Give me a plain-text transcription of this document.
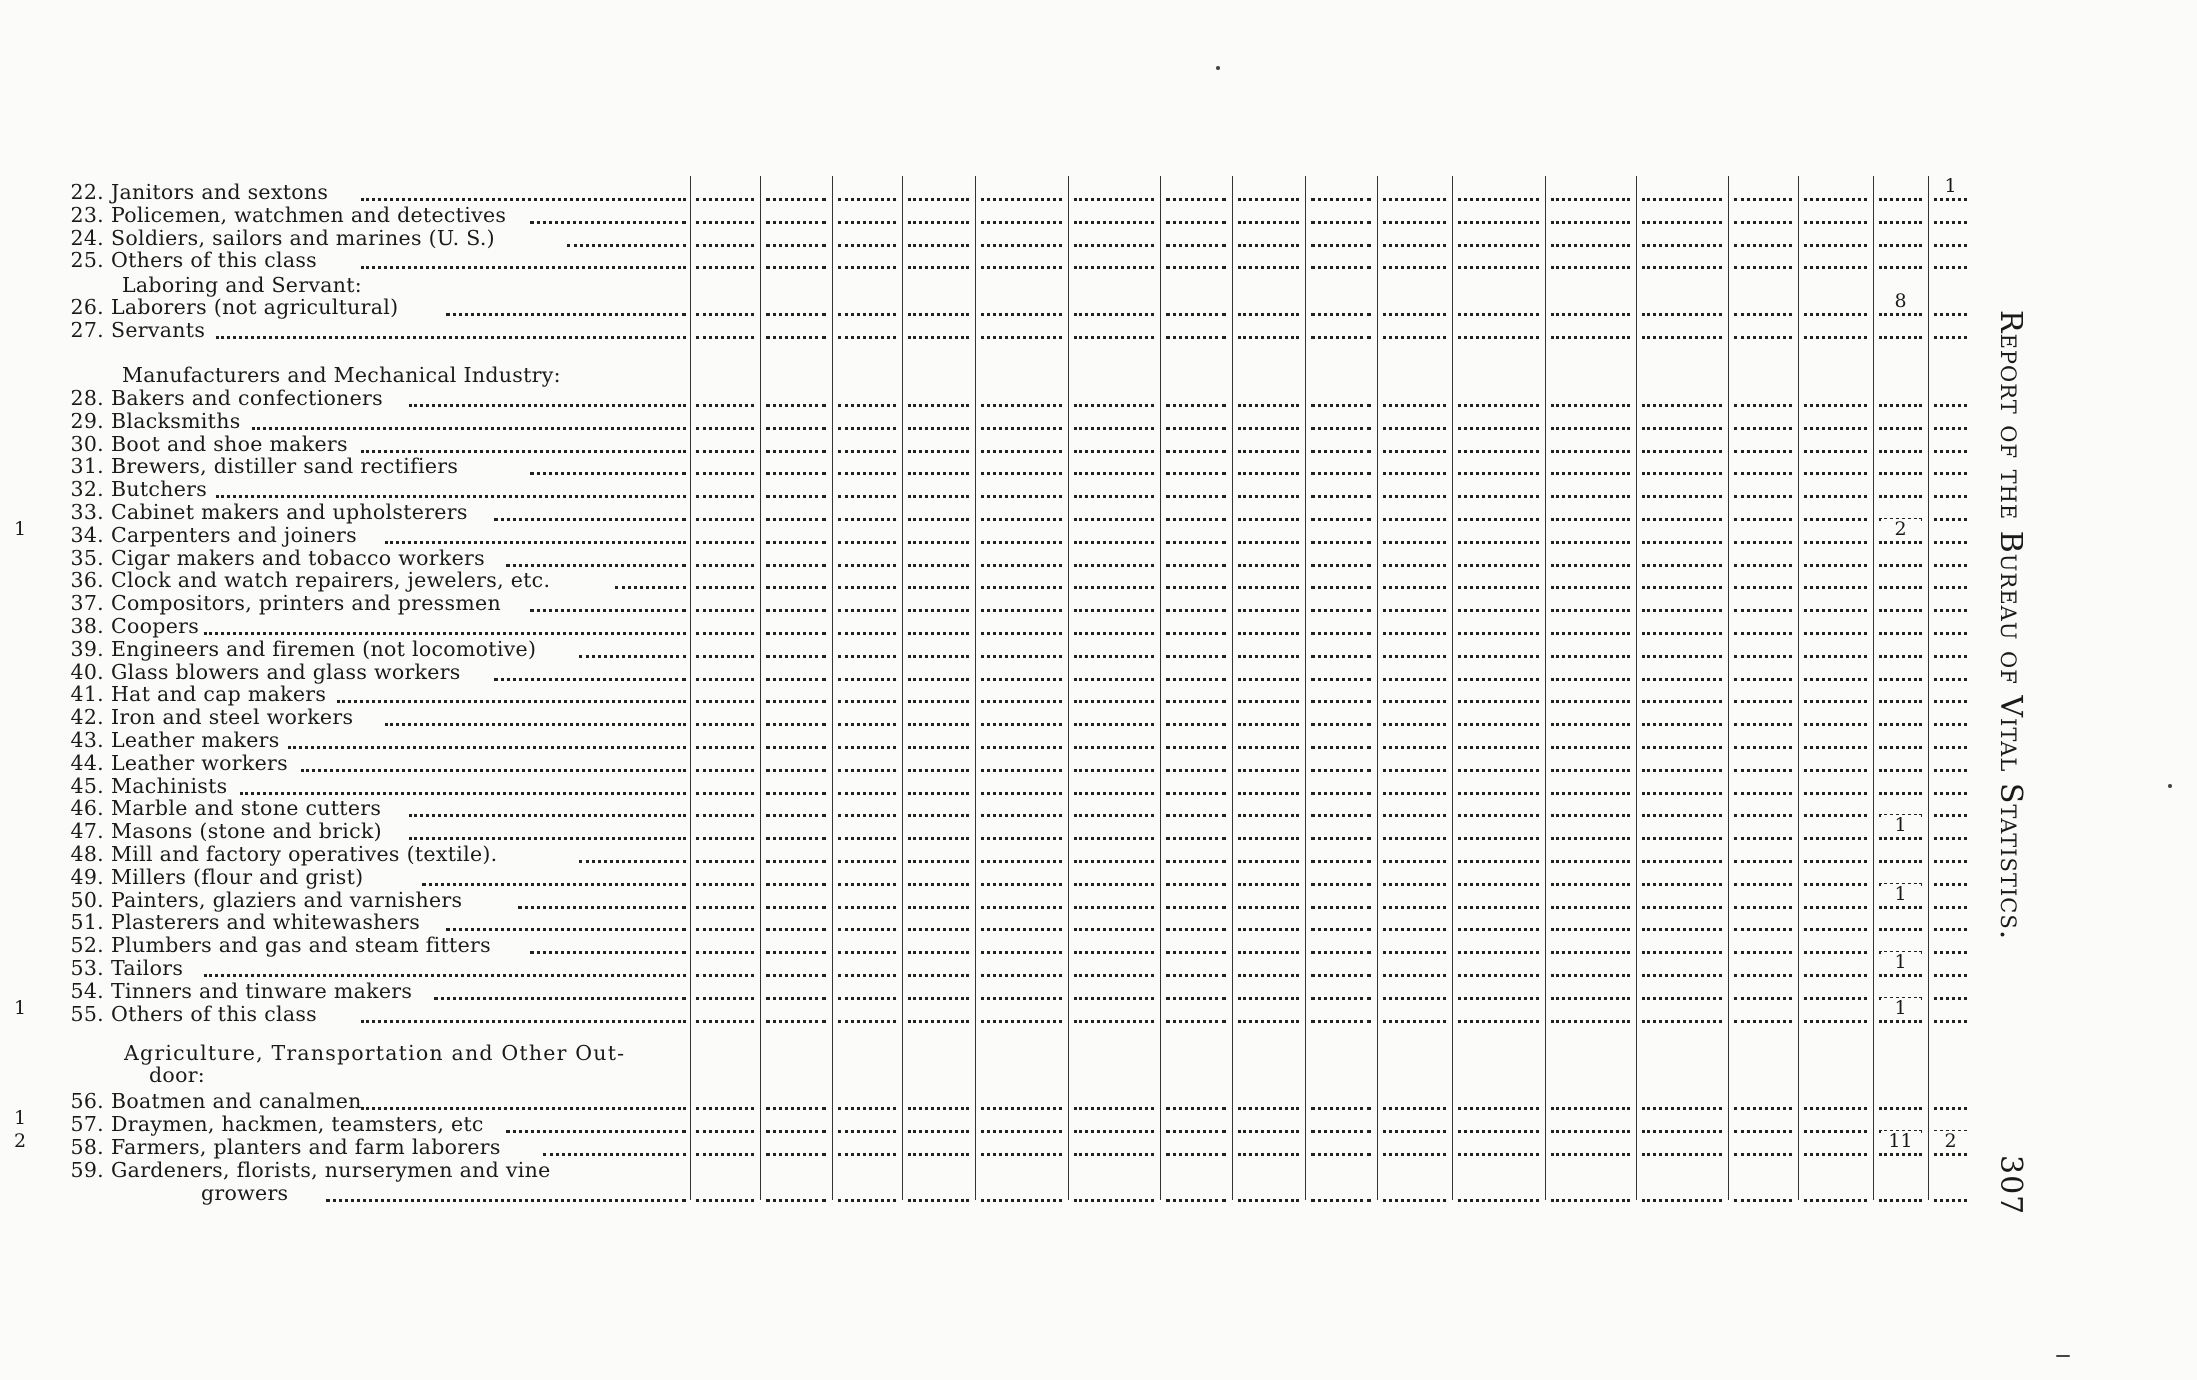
Laboring and Servant:
Manufacturers and Mechanical Industry:
Agriculture, Transportation and Other Out-
door:
22. Janitors and sextons
23. Policemen, watchmen and detectives
24. Soldiers, sailors and marines (U. S.)
25. Others of this class
26. Laborers (not agricultural)
27. Servants
28. Bakers and confectioners
29. Blacksmiths
30. Boot and shoe makers
31. Brewers, distiller sand rectifiers
32. Butchers
33. Cabinet makers and upholsterers
34. Carpenters and joiners
35. Cigar makers and tobacco workers
36. Clock and watch repairers, jewelers, etc.
37. Compositors, printers and pressmen
38. Coopers
39. Engineers and firemen (not locomotive)
40. Glass blowers and glass workers
41. Hat and cap makers
42. Iron and steel workers
43. Leather makers
44. Leather workers
45. Machinists
46. Marble and stone cutters
47. Masons (stone and brick)
48. Mill and factory operatives (textile).
49. Millers (flour and grist)
50. Painters, glaziers and varnishers
51. Plasterers and whitewashers
52. Plumbers and gas and steam fitters
53. Tailors
54. Tinners and tinware makers
55. Others of this class
56. Boatmen and canalmen
57. Draymen, hackmen, teamsters, etc
58. Farmers, planters and farm laborers
59. Gardeners, florists, nurserymen and vine
growers
1
8
2
1
1
1
1
1
1
1
11	2
2
Report of the Bureau of Vital Statistics.
307
